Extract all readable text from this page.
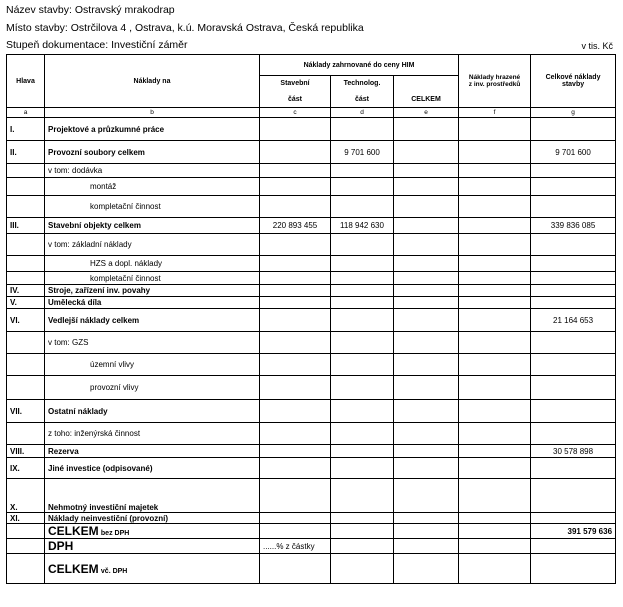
Název stavby: Ostravský mrakodrap
Místo stavby: Ostrčilova 4 , Ostrava, k.ú. Moravská Ostrava, Česká republika
Stupeň dokumentace: Investiční záměr	v tis. Kč
Hlava	Náklady na	Náklady zahrnované do ceny HIM			Náklady hrazené
z inv. prostředků	Celkové náklady
stavby
		Stavební	Technolog.			
		část	část	CELKEM		
a	b	c	d	e	f	g
I.	Projektové a průzkumné práce					
II.	Provozní soubory celkem		9 701 600			9 701 600
	v tom: dodávka					
	montáž					
	kompletační činnost					
III.	Stavební objekty celkem	220 893 455	118 942 630			339 836 085
	v tom: základní náklady					
	HZS a dopl. náklady					
	kompletační činnost					
IV.	Stroje, zařízení inv. povahy					
V.	Umělecká díla					
VI.	Vedlejší náklady celkem					21 164 653
	v tom: GZS					
	územní vlivy					
	provozní vlivy					
VII.	Ostatní náklady					
	z toho: inženýrská činnost					
VIII.	Rezerva					30 578 898
IX.	Jiné investice (odpisované)					
X.	Nehmotný investiční majetek					
XI.	Náklady neinvestiční (provozní)					
	CELKEM bez DPH					391 579 636
	DPH	......% z částky				
	CELKEM vč. DPH					
